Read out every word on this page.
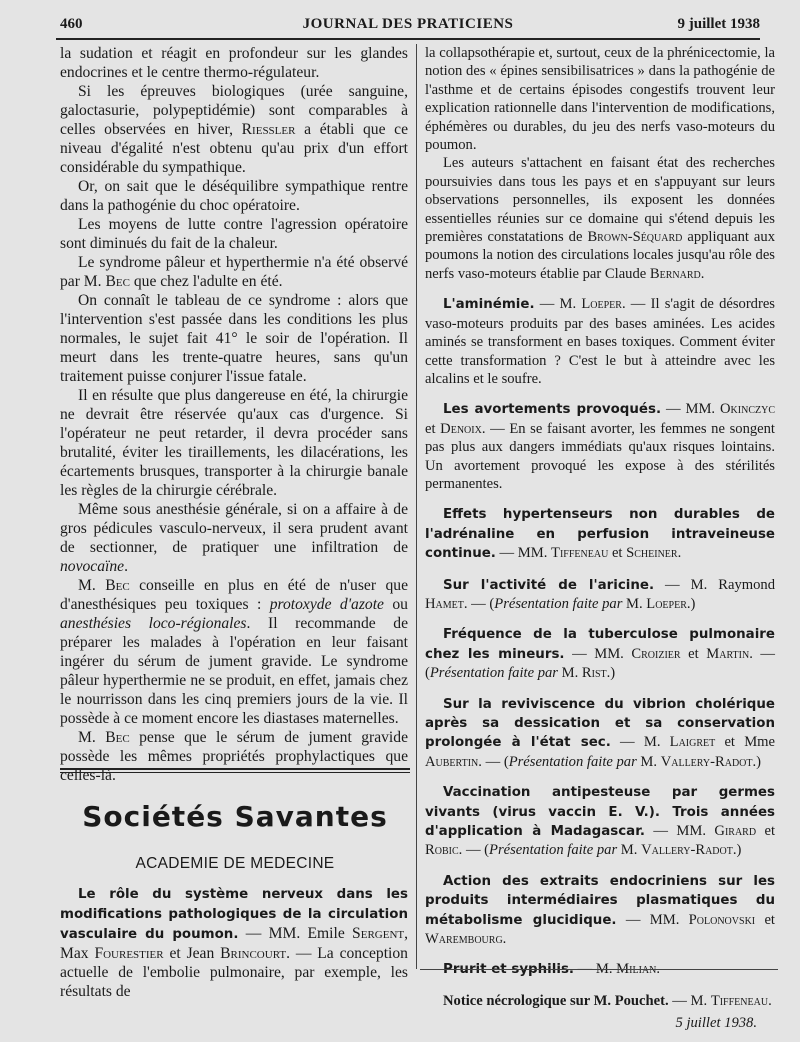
460	JOURNAL DES PRATICIENS	9 juillet 1938

la sudation et réagit en profondeur sur les glandes endocrines et le centre thermo-régulateur.

Si les épreuves biologiques (urée sanguine, galoctasurie, polypeptidémie) sont comparables à celles observées en hiver, Riessler a établi que ce niveau d'égalité n'est obtenu qu'au prix d'un effort considérable du sympathique.

Or, on sait que le déséquilibre sympathique rentre dans la pathogénie du choc opératoire.

Les moyens de lutte contre l'agression opératoire sont diminués du fait de la chaleur.

Le syndrome pâleur et hyperthermie n'a été observé par M. Bec que chez l'adulte en été.

On connaît le tableau de ce syndrome : alors que l'intervention s'est passée dans les conditions les plus normales, le sujet fait 41° le soir de l'opération. Il meurt dans les trente-quatre heures, sans qu'un traitement puisse conjurer l'issue fatale.

Il en résulte que plus dangereuse en été, la chirurgie ne devrait être réservée qu'aux cas d'urgence. Si l'opérateur ne peut retarder, il devra procéder sans brutalité, éviter les tiraillements, les dilacérations, les écartements brusques, transporter à la chirurgie banale les règles de la chirurgie cérébrale.

Même sous anesthésie générale, si on a affaire à de gros pédicules vasculo-nerveux, il sera prudent avant de sectionner, de pratiquer une infiltration de novocaïne.

M. Bec conseille en plus en été de n'user que d'anesthésiques peu toxiques : protoxyde d'azote ou anesthésies loco-régionales. Il recommande de préparer les malades à l'opération en leur faisant ingérer du sérum de jument gravide. Le syndrome pâleur hyperthermie ne se produit, en effet, jamais chez le nourrisson dans les cinq premiers jours de la vie. Il possède à ce moment encore les diastases maternelles.

M. Bec pense que le sérum de jument gravide possède les mêmes propriétés prophylactiques que celles-là.

Sociétés Savantes
ACADEMIE DE MEDECINE

Le rôle du système nerveux dans les modifications pathologiques de la circulation vasculaire du poumon. — MM. Emile Sergent, Max Fourestier et Jean Brincourt. — La conception actuelle de l'embolie pulmonaire, par exemple, les résultats de

la collapsothérapie et, surtout, ceux de la phrénicectomie, la notion des « épines sensibilisatrices » dans la pathogénie de l'asthme et de certains épisodes congestifs trouvent leur explication rationnelle dans l'intervention de modifications, éphémères ou durables, du jeu des nerfs vaso-moteurs du poumon.

Les auteurs s'attachent en faisant état des recherches poursuivies dans tous les pays et en s'appuyant sur leurs observations personnelles, ils exposent les données essentielles réunies sur ce domaine qui s'étend depuis les premières constatations de Brown-Séquard appliquant aux poumons la notion des circulations locales jusqu'au rôle des nerfs vaso-moteurs établie par Claude Bernard.

L'aminémie. — M. Loeper. — Il s'agit de désordres vaso-moteurs produits par des bases aminées. Les acides aminés se transforment en bases toxiques. Comment éviter cette transformation ? C'est le but à atteindre avec les alcalins et le soufre.

Les avortements provoqués. — MM. Okinczyc et Denoix. — En se faisant avorter, les femmes ne songent pas plus aux dangers immédiats qu'aux risques lointains. Un avortement provoqué les expose à des stérilités permanentes.

Effets hypertenseurs non durables de l'adrénaline en perfusion intraveineuse continue. — MM. Tiffeneau et Scheiner.

Sur l'activité de l'aricine. — M. Raymond Hamet. — (Présentation faite par M. Loeper.)

Fréquence de la tuberculose pulmonaire chez les mineurs. — MM. Croizier et Martin. — (Présentation faite par M. Rist.)

Sur la reviviscence du vibrion cholérique après sa dessication et sa conservation prolongée à l'état sec. — M. Laigret et Mme Aubertin. — (Présentation faite par M. Vallery-Radot.)

Vaccination antipesteuse par germes vivants (virus vaccin E. V.). Trois années d'application à Madagascar. — MM. Girard et Robic. — (Présentation faite par M. Vallery-Radot.)

Action des extraits endocriniens sur les produits intermédiaires plasmatiques du métabolisme glucidique. — MM. Polonovski et Warembourg.

Prurit et syphilis. — M. Milian.

Notice nécrologique sur M. Pouchet. — M. Tiffeneau.

5 juillet 1938.
